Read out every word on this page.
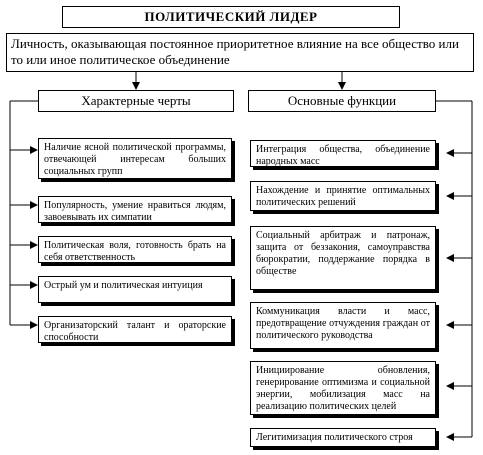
ПОЛИТИЧЕСКИЙ ЛИДЕР
Личность, оказывающая постоянное приоритетное влияние на все общество или то или иное политическое объединение
Характерные черты	Основные функции
Наличие ясной политической программы, отвечающей интересам больших социальных групп
Популярность, умение нравиться людям, завоевывать их симпатии
Политическая воля, готовность брать на себя ответственность
Острый ум и политическая интуиция
Организаторский талант и ораторские способности
Интеграция общества, объединение народных масс
Нахождение и принятие оптимальных политических решений
Социальный арбитраж и патронаж, защита от беззакония, самоуправства бюрократии, поддержание порядка в обществе
Коммуникация власти и масс, предотвращение отчуждения граждан от политического руководства
Инициирование обновления, генерирование оптимизма и социальной энергии, мобилизация масс на реализацию политических целей
Легитимизация политического строя
